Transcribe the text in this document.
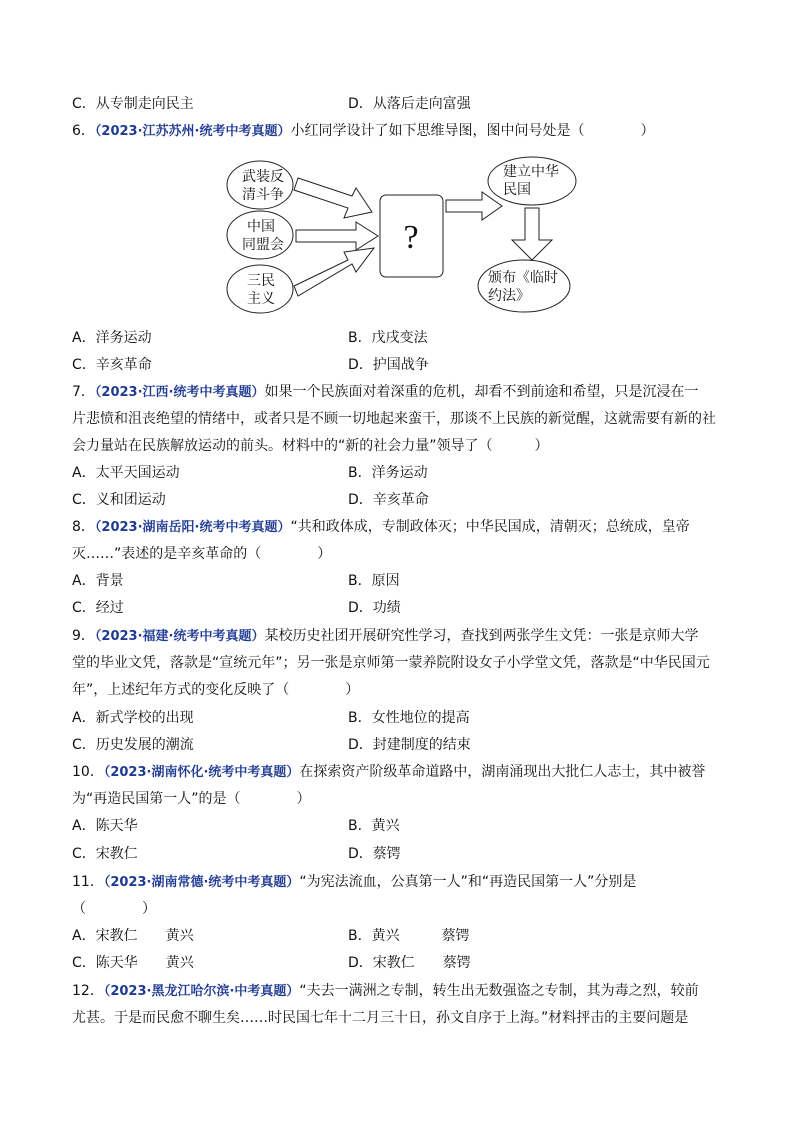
C．从专制走向民主	D．从落后走向富强
6．（2023·江苏苏州·统考中考真题）小红同学设计了如下思维导图，图中问号处是（　　　　）
武装反
清斗争
中国
同盟会
三民
主义
?
建立中华
民国
颁布《临时
约法》
A．洋务运动	B．戊戌变法
C．辛亥革命	D．护国战争
7．（2023·江西·统考中考真题）如果一个民族面对着深重的危机，却看不到前途和希望，只是沉浸在一
片悲愤和沮丧绝望的情绪中，或者只是不顾一切地起来蛮干，那谈不上民族的新觉醒，这就需要有新的社
会力量站在民族解放运动的前头。材料中的“新的社会力量”领导了（　　　）
A．太平天国运动	B．洋务运动
C．义和团运动	D．辛亥革命
8．（2023·湖南岳阳·统考中考真题）“共和政体成，专制政体灭；中华民国成，清朝灭；总统成，皇帝
灭……”表述的是辛亥革命的（　　　　）
A．背景	B．原因
C．经过	D．功绩
9．（2023·福建·统考中考真题）某校历史社团开展研究性学习，查找到两张学生文凭：一张是京师大学
堂的毕业文凭，落款是“宣统元年”；另一张是京师第一蒙养院附设女子小学堂文凭，落款是“中华民国元
年”，上述纪年方式的变化反映了（　　　　）
A．新式学校的出现	B．女性地位的提高
C．历史发展的潮流	D．封建制度的结束
10．（2023·湖南怀化·统考中考真题）在探索资产阶级革命道路中，湖南涌现出大批仁人志士，其中被誉
为“再造民国第一人”的是（　　　　）
A．陈天华	B．黄兴
C．宋教仁	D．蔡锷
11．（2023·湖南常德·统考中考真题）“为宪法流血，公真第一人”和“再造民国第一人”分别是
（　　　　）
A．宋教仁　　黄兴	B．黄兴　　　蔡锷
C．陈天华　　黄兴	D．宋教仁　　蔡锷
12．（2023·黑龙江哈尔滨·中考真题）“夫去一满洲之专制，转生出无数强盗之专制，其为毒之烈，较前
尤甚。于是而民愈不聊生矣……时民国七年十二月三十日，孙文自序于上海。”材料抨击的主要问题是
